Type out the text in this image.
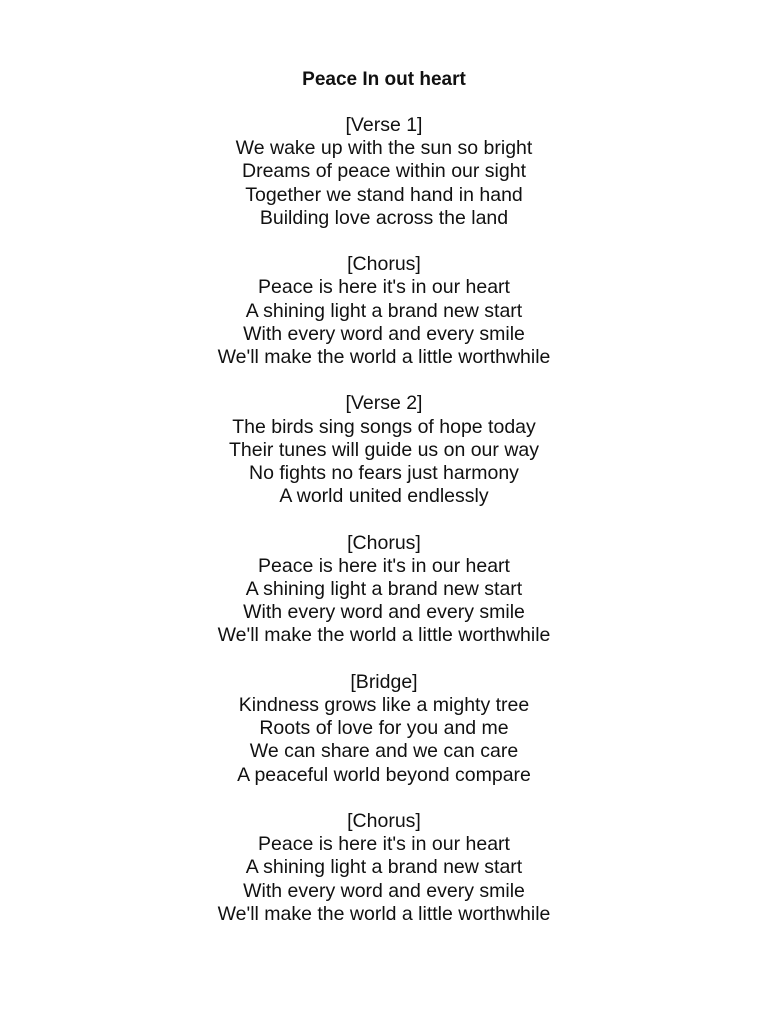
Peace In out heart
[Verse 1]
We wake up with the sun so bright
Dreams of peace within our sight
Together we stand hand in hand
Building love across the land
[Chorus]
Peace is here it's in our heart
A shining light a brand new start
With every word and every smile
We'll make the world a little worthwhile
[Verse 2]
The birds sing songs of hope today
Their tunes will guide us on our way
No fights no fears just harmony
A world united endlessly
[Chorus]
Peace is here it's in our heart
A shining light a brand new start
With every word and every smile
We'll make the world a little worthwhile
[Bridge]
Kindness grows like a mighty tree
Roots of love for you and me
We can share and we can care
A peaceful world beyond compare
[Chorus]
Peace is here it's in our heart
A shining light a brand new start
With every word and every smile
We'll make the world a little worthwhile
